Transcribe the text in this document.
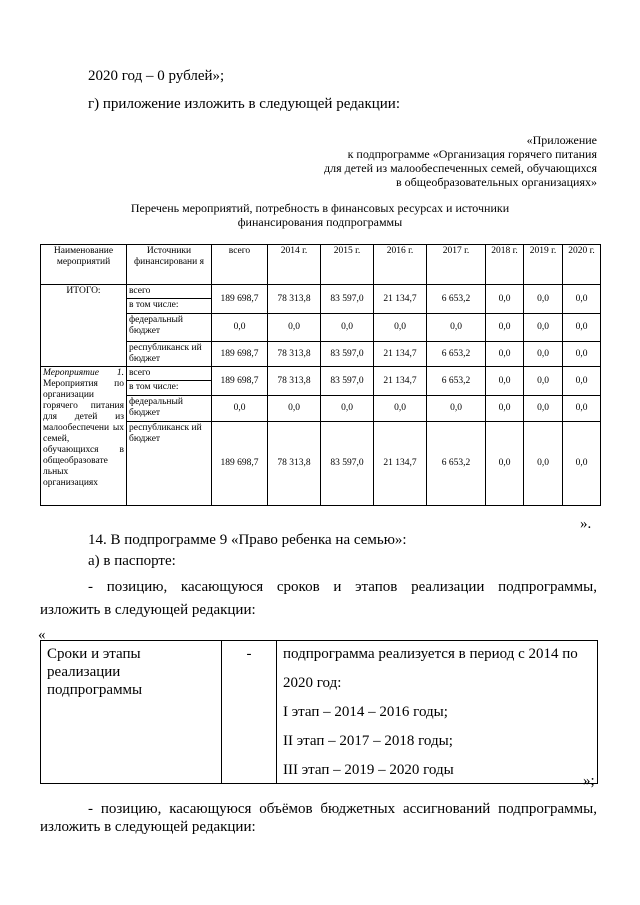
2020 год – 0 рублей»;
г) приложение изложить в следующей редакции:
«Приложение
к подпрограмме «Организация горячего питания
для детей из малообеспеченных семей, обучающихся
в общеобразовательных организациях»
Перечень мероприятий, потребность в финансовых ресурсах и источники
финансирования подпрограммы
Наименование мероприятий	Источники финансировани я	всего	2014 г.	2015 г.	2016 г.	2017 г.	2018 г.	2019 г.	2020 г.
ИТОГО:	всего	189 698,7	78 313,8	83 597,0	21 134,7	6 653,2	0,0	0,0	0,0
	в том числе:								
	федеральный бюджет	0,0	0,0	0,0	0,0	0,0	0,0	0,0	0,0
	республиканск ий бюджет	189 698,7	78 313,8	83 597,0	21 134,7	6 653,2	0,0	0,0	0,0
Мероприятие 1. Мероприятия по организации горячего питания для детей из малообеспечени ых семей, обучающихся в общеобразовате льных организациях	всего	189 698,7	78 313,8	83 597,0	21 134,7	6 653,2	0,0	0,0	0,0
	в том числе:								
	федеральный бюджет	0,0	0,0	0,0	0,0	0,0	0,0	0,0	0,0
	республиканск ий бюджет	189 698,7	78 313,8	83 597,0	21 134,7	6 653,2	0,0	0,0	0,0
».
14. В подпрограмме 9 «Право ребенка на семью»:
а) в паспорте:
- позицию, касающуюся сроков и этапов реализации подпрограммы,
изложить в следующей редакции:
«
Сроки и этапы реализации подпрограммы	-	подпрограмма реализуется в период с 2014 по
2020 год:
I этап – 2014 – 2016 годы;
II этап – 2017 – 2018 годы;
III этап – 2019 – 2020 годы
»;
- позицию, касающуюся объёмов бюджетных ассигнований подпрограммы,
изложить в следующей редакции:
